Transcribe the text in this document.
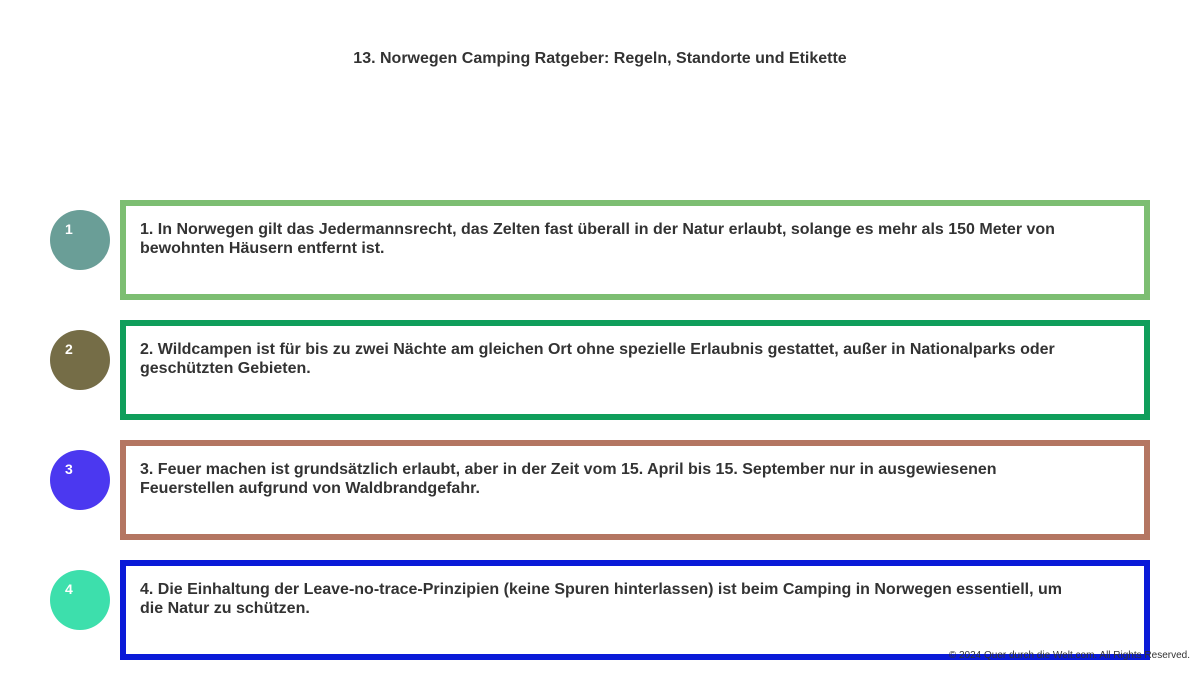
13. Norwegen Camping Ratgeber: Regeln, Standorte und Etikette
1	1. In Norwegen gilt das Jedermannsrecht, das Zelten fast überall in der Natur erlaubt, solange es mehr als 150 Meter von bewohnten Häusern entfernt ist.
2	2. Wildcampen ist für bis zu zwei Nächte am gleichen Ort ohne spezielle Erlaubnis gestattet, außer in Nationalparks oder geschützten Gebieten.
3	3. Feuer machen ist grundsätzlich erlaubt, aber in der Zeit vom 15. April bis 15. September nur in ausgewiesenen Feuerstellen aufgrund von Waldbrandgefahr.
4	4. Die Einhaltung der Leave-no-trace-Prinzipien (keine Spuren hinterlassen) ist beim Camping in Norwegen essentiell, um die Natur zu schützen.
© 2024 Quer durch die Welt.com. All Rights Reserved.
